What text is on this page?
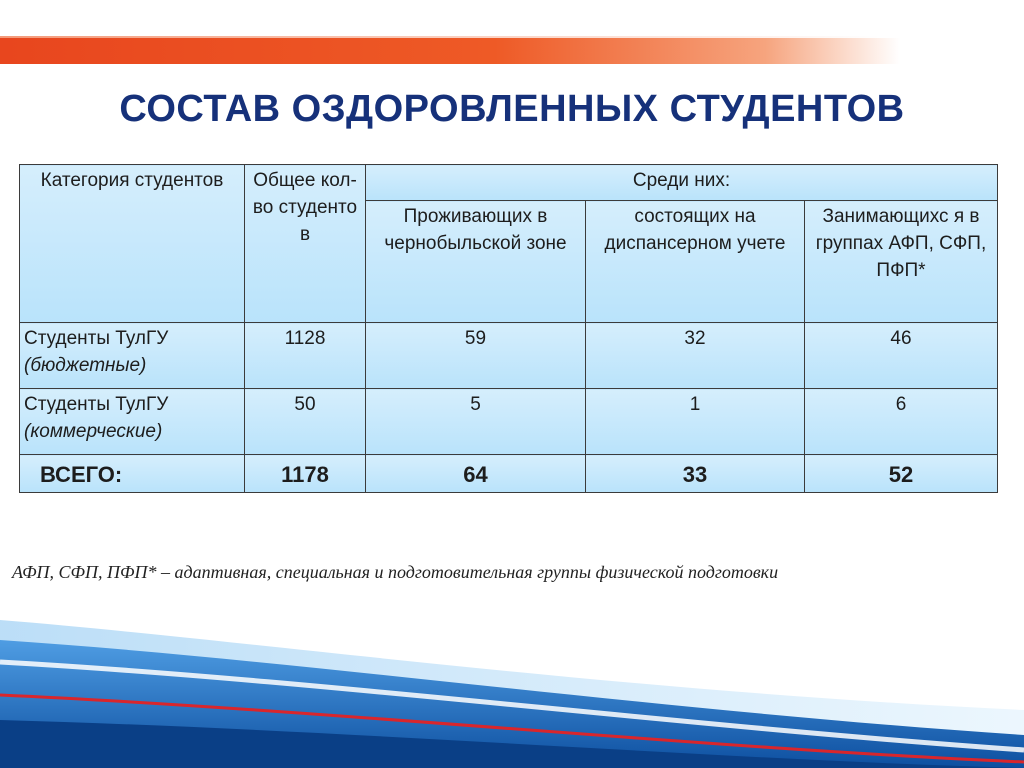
СОСТАВ ОЗДОРОВЛЕННЫХ СТУДЕНТОВ
Категория студентов	Общее кол-во студенто в	Среди них:		
		Проживающих в чернобыльской зоне	состоящих на диспансерном учете	Занимающихс я в группах АФП, СФП, ПФП*

Студенты ТулГУ
(бюджетные)	1128	59	32	46

Студенты ТулГУ
(коммерческие)	50	5	1	6
ВСЕГО:	1178	64	33	52
АФП, СФП, ПФП* – адаптивная, специальная и подготовительная группы физической подготовки
